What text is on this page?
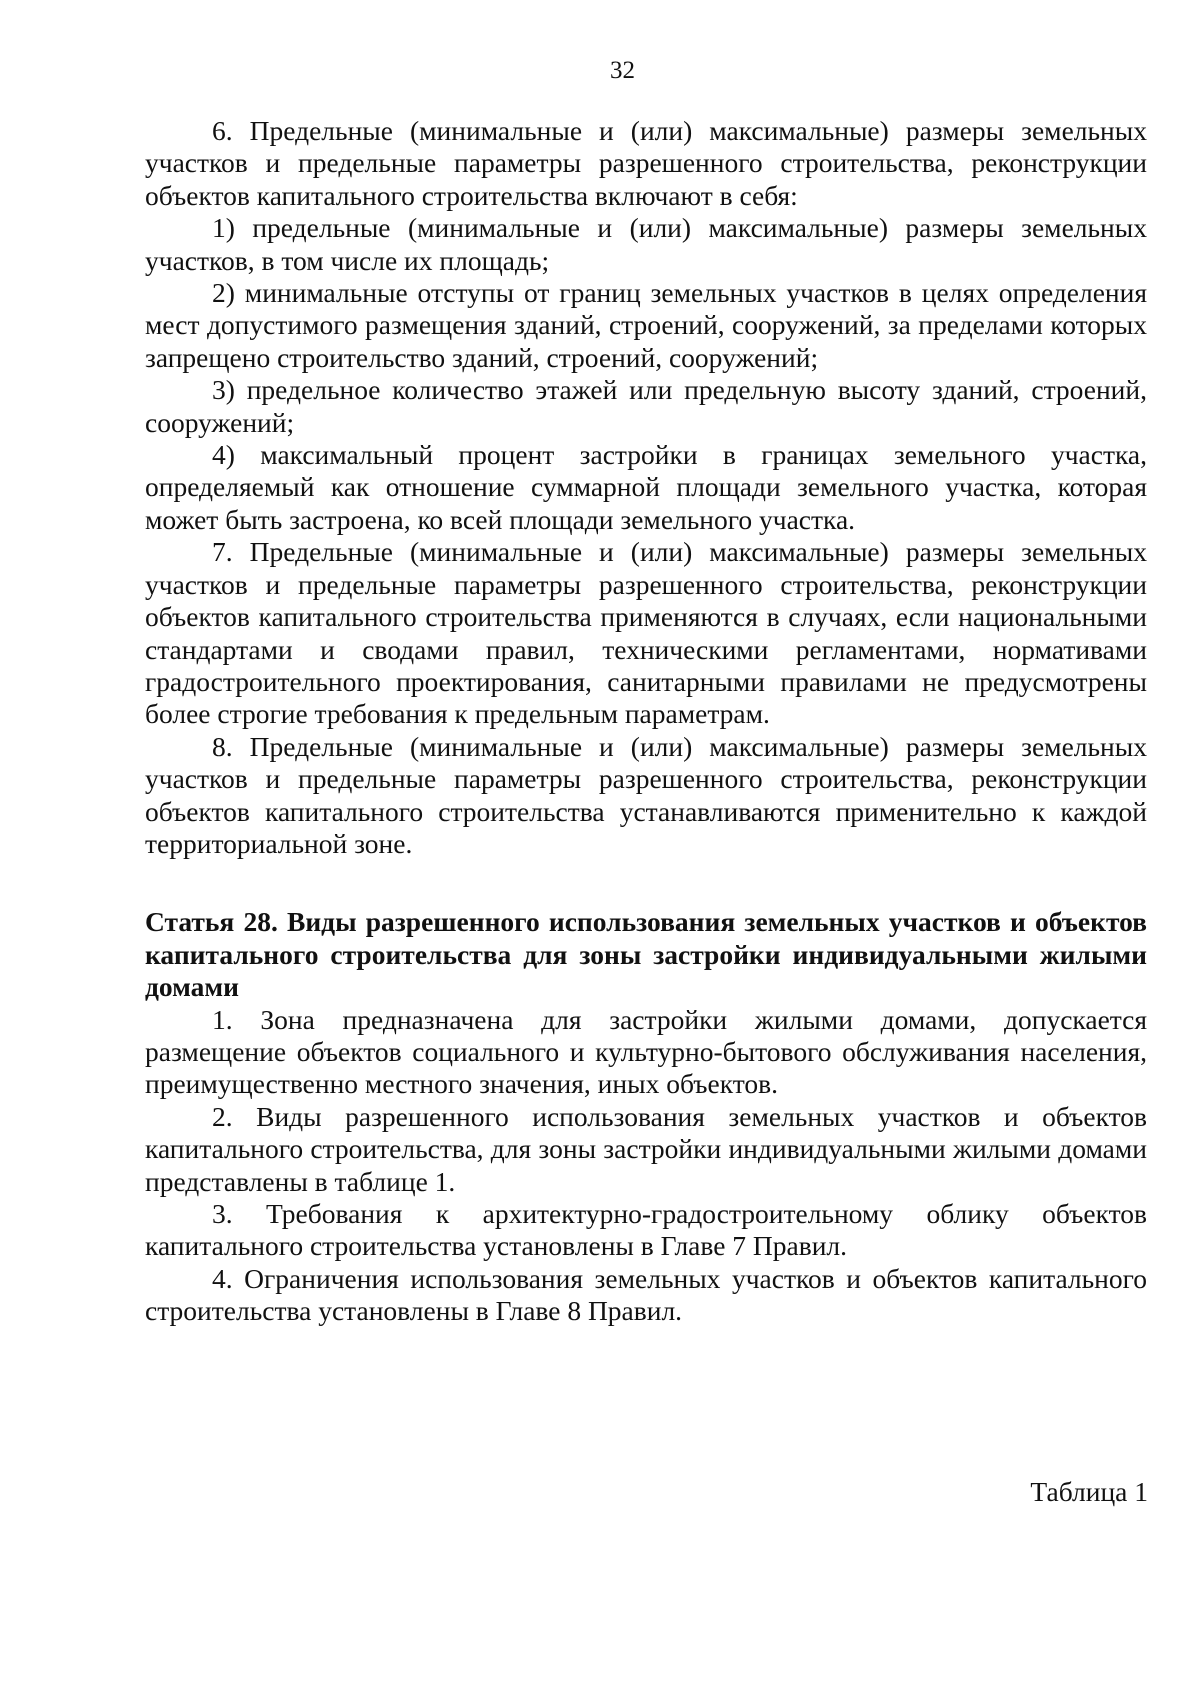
32

6. Предельные (минимальные и (или) максимальные) размеры земельных участков и предельные параметры разрешенного строительства, реконструкции объектов капитального строительства включают в себя:

1) предельные (минимальные и (или) максимальные) размеры земельных участков, в том числе их площадь;

2) минимальные отступы от границ земельных участков в целях определения мест допустимого размещения зданий, строений, сооружений, за пределами которых запрещено строительство зданий, строений, сооружений;

3) предельное количество этажей или предельную высоту зданий, строений, сооружений;

4) максимальный процент застройки в границах земельного участка, определяемый как отношение суммарной площади земельного участка, которая может быть застроена, ко всей площади земельного участка.

7. Предельные (минимальные и (или) максимальные) размеры земельных участков и предельные параметры разрешенного строительства, реконструкции объектов капитального строительства применяются в случаях, если национальными стандартами и сводами правил, техническими регламентами, нормативами градостроительного проектирования, санитарными правилами не предусмотрены более строгие требования к предельным параметрам.

8. Предельные (минимальные и (или) максимальные) размеры земельных участков и предельные параметры разрешенного строительства, реконструкции объектов капитального строительства устанавливаются применительно к каждой территориальной зоне.

Статья 28. Виды разрешенного использования земельных участков и объектов капитального строительства для зоны застройки индивидуальными жилыми домами

1. Зона предназначена для застройки жилыми домами, допускается размещение объектов социального и культурно-бытового обслуживания населения, преимущественно местного значения, иных объектов.

2. Виды разрешенного использования земельных участков и объектов капитального строительства, для зоны застройки индивидуальными жилыми домами представлены в таблице 1.

3. Требования к архитектурно-градостроительному облику объектов капитального строительства установлены в Главе 7 Правил.

4. Ограничения использования земельных участков и объектов капитального строительства установлены в Главе 8 Правил.

Таблица 1
